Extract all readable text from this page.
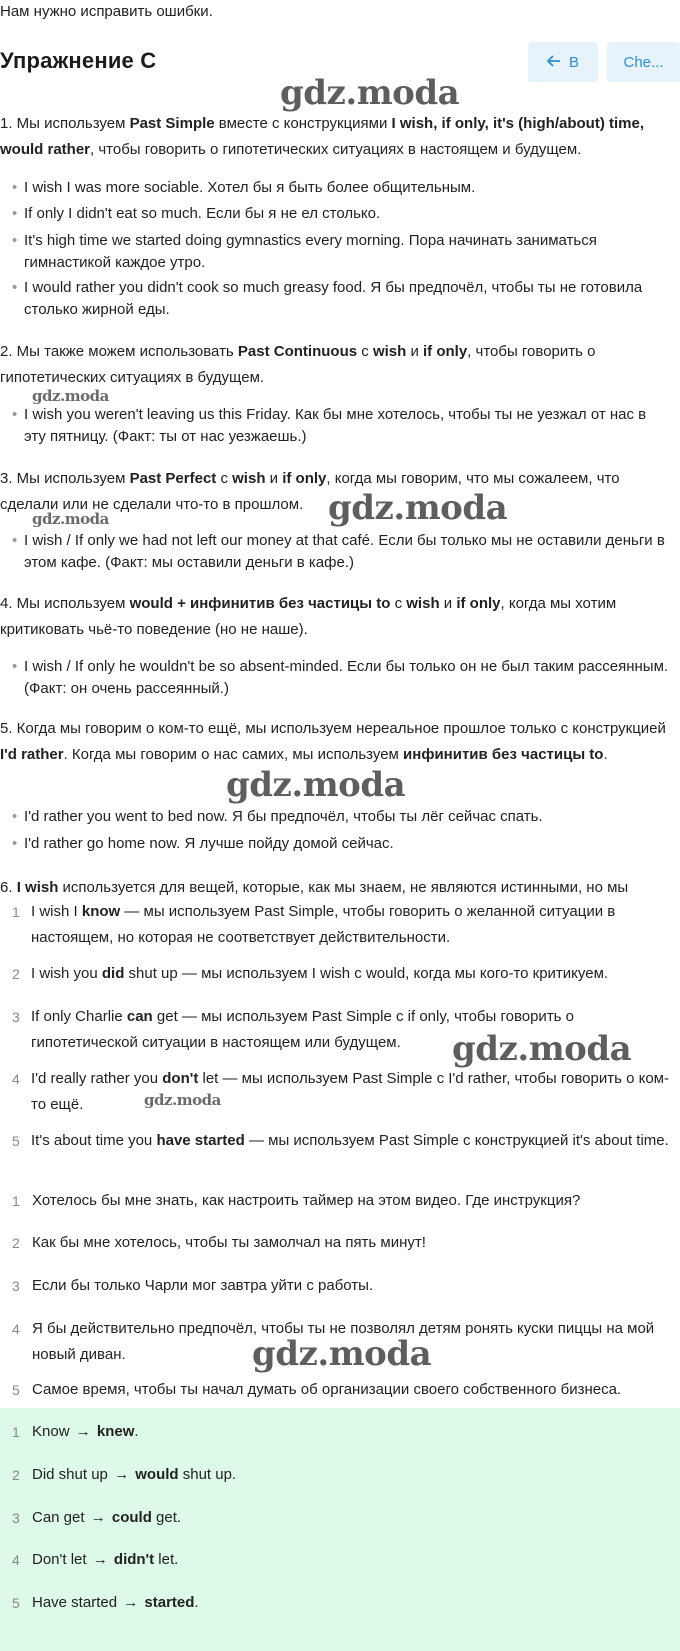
Нам нужно исправить ошибки.
Упражнение C	B	Che...
gdz.moda
gdz.moda
gdz.moda
gdz.moda
gdz.moda
gdz.moda
gdz.moda
gdz.moda
1. Мы используем Past Simple вместе с конструкциями I wish, if only, it's (high/about) time, would rather, чтобы говорить о гипотетических ситуациях в настоящем и будущем.
• I wish I was more sociable. Хотел бы я быть более общительным.
• If only I didn't eat so much. Если бы я не ел столько.
• It's high time we started doing gymnastics every morning. Пора начинать заниматься гимнастикой каждое утро.
• I would rather you didn't cook so much greasy food. Я бы предпочёл, чтобы ты не готовила столько жирной еды.
2. Мы также можем использовать Past Continuous с wish и if only, чтобы говорить о гипотетических ситуациях в будущем.
• I wish you weren't leaving us this Friday. Как бы мне хотелось, чтобы ты не уезжал от нас в эту пятницу. (Факт: ты от нас уезжаешь.)
3. Мы используем Past Perfect с wish и if only, когда мы говорим, что мы сожалеем, что сделали или не сделали что-то в прошлом.
• I wish / If only we had not left our money at that café. Если бы только мы не оставили деньги в этом кафе. (Факт: мы оставили деньги в кафе.)
4. Мы используем would + инфинитив без частицы to с wish и if only, когда мы хотим критиковать чьё-то поведение (но не наше).
• I wish / If only he wouldn't be so absent-minded. Если бы только он не был таким рассеянным. (Факт: он очень рассеянный.)
5. Когда мы говорим о ком-то ещё, мы используем нереальное прошлое только с конструкцией I'd rather. Когда мы говорим о нас самих, мы используем инфинитив без частицы to.
• I'd rather you went to bed now. Я бы предпочёл, чтобы ты лёг сейчас спать.
• I'd rather go home now. Я лучше пойду домой сейчас.
6. I wish используется для вещей, которые, как мы знаем, не являются истинными, но мы
1 I wish I know — мы используем Past Simple, чтобы говорить о желанной ситуации в настоящем, но которая не соответствует действительности.
2 I wish you did shut up — мы используем I wish с would, когда мы кого-то критикуем.
3 If only Charlie can get — мы используем Past Simple с if only, чтобы говорить о гипотетической ситуации в настоящем или будущем.
4 I'd really rather you don't let — мы используем Past Simple с I'd rather, чтобы говорить о ком-то ещё.
5 It's about time you have started — мы используем Past Simple с конструкцией it's about time.
1 Хотелось бы мне знать, как настроить таймер на этом видео. Где инструкция?
2 Как бы мне хотелось, чтобы ты замолчал на пять минут!
3 Если бы только Чарли мог завтра уйти с работы.
4 Я бы действительно предпочёл, чтобы ты не позволял детям ронять куски пиццы на мой новый диван.
5 Самое время, чтобы ты начал думать об организации своего собственного бизнеса.
1 Know → knew.
2 Did shut up → would shut up.
3 Can get → could get.
4 Don't let → didn't let.
5 Have started → started.
